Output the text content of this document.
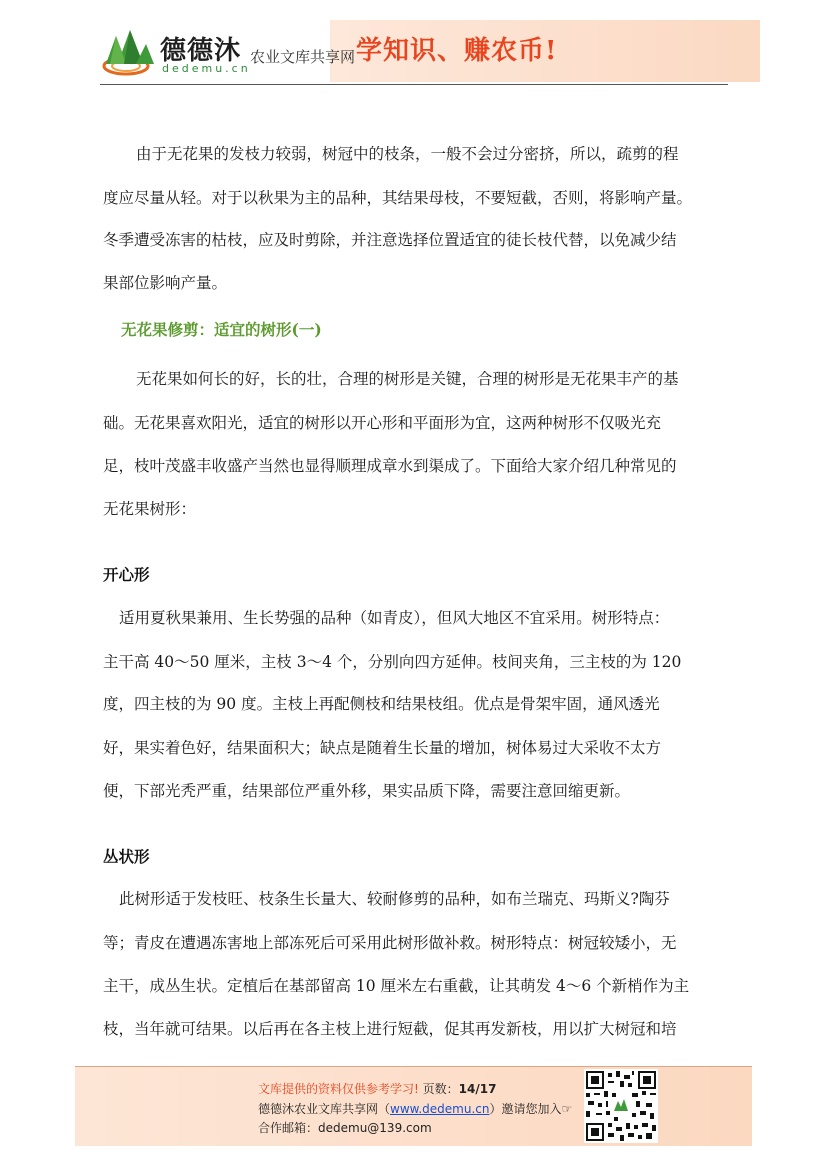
德德沐
dedemu.cn
农业文库共享网 学知识、赚农币!
由于无花果的发枝力较弱，树冠中的枝条，一般不会过分密挤，所以，疏剪的程
度应尽量从轻。对于以秋果为主的品种，其结果母枝，不要短截，否则，将影响产量。
冬季遭受冻害的枯枝，应及时剪除，并注意选择位置适宜的徒长枝代替，以免减少结
果部位影响产量。
无花果修剪：适宜的树形(一)
无花果如何长的好，长的壮，合理的树形是关键，合理的树形是无花果丰产的基
础。无花果喜欢阳光，适宜的树形以开心形和平面形为宜，这两种树形不仅吸光充
足，枝叶茂盛丰收盛产当然也显得顺理成章水到渠成了。下面给大家介绍几种常见的
无花果树形：
开心形
适用夏秋果兼用、生长势强的品种（如青皮），但风大地区不宜采用。树形特点：
主干高 40～50 厘米，主枝 3～4 个，分别向四方延伸。枝间夹角，三主枝的为 120
度，四主枝的为 90 度。主枝上再配侧枝和结果枝组。优点是骨架牢固，通风透光
好，果实着色好，结果面积大；缺点是随着生长量的增加，树体易过大采收不太方
便，下部光秃严重，结果部位严重外移，果实品质下降，需要注意回缩更新。
丛状形
此树形适于发枝旺、枝条生长量大、较耐修剪的品种，如布兰瑞克、玛斯义?陶芬
等；青皮在遭遇冻害地上部冻死后可采用此树形做补救。树形特点：树冠较矮小，无
主干，成丛生状。定植后在基部留高 10 厘米左右重截，让其萌发 4～6 个新梢作为主
枝，当年就可结果。以后再在各主枝上进行短截，促其再发新枝，用以扩大树冠和培
文库提供的资料仅供参考学习! 页数：14/17
德德沐农业文库共享网（www.dedemu.cn）邀请您加入☞
合作邮箱：dedemu@139.com
